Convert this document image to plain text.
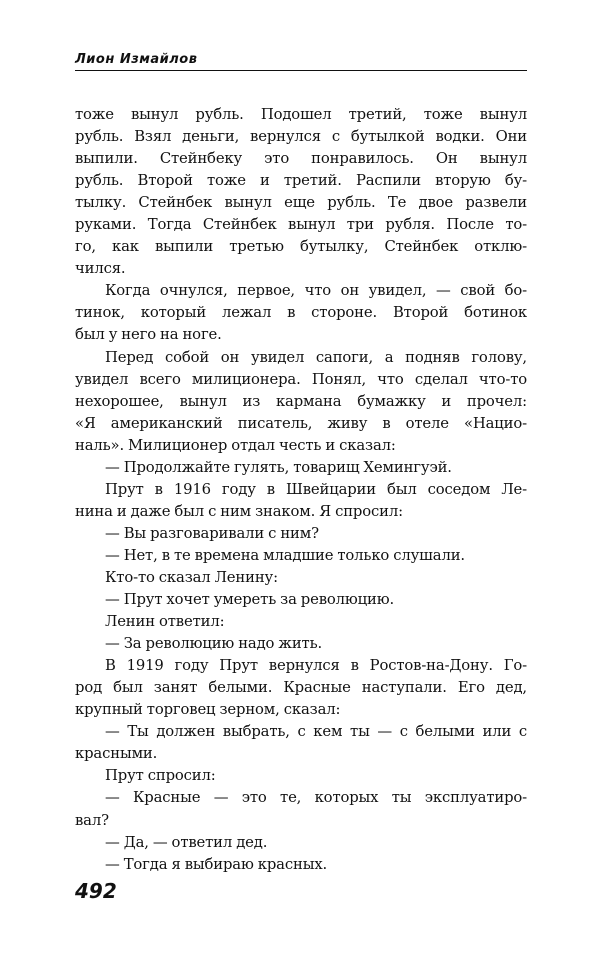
Лион Измайлов
тоже вынул рубль. Подошел третий, тоже вынул
рубль. Взял деньги, вернулся с бутылкой водки. Они
выпили. Стейнбеку это понравилось. Он вынул
рубль. Второй тоже и третий. Распили вторую бу-
тылку. Стейнбек вынул еще рубль. Те двое развели
руками. Тогда Стейнбек вынул три рубля. После то-
го, как выпили третью бутылку, Стейнбек отклю-
чился.
Когда очнулся, первое, что он увидел, — свой бо-
тинок, который лежал в стороне. Второй ботинок
был у него на ноге.
Перед собой он увидел сапоги, а подняв голову,
увидел всего милиционера. Понял, что сделал что-то
нехорошее, вынул из кармана бумажку и прочел:
«Я американский писатель, живу в отеле «Нацио-
наль». Милиционер отдал честь и сказал:
— Продолжайте гулять, товарищ Хемингуэй.
Прут в 1916 году в Швейцарии был соседом Ле-
нина и даже был с ним знаком. Я спросил:
— Вы разговаривали с ним?
— Нет, в те времена младшие только слушали.
Кто-то сказал Ленину:
— Прут хочет умереть за революцию.
Ленин ответил:
— За революцию надо жить.
В 1919 году Прут вернулся в Ростов-на-Дону. Го-
род был занят белыми. Красные наступали. Его дед,
крупный торговец зерном, сказал:
— Ты должен выбрать, с кем ты — с белыми или с
красными.
Прут спросил:
— Красные — это те, которых ты эксплуатиро-
вал?
— Да, — ответил дед.
— Тогда я выбираю красных.
492
